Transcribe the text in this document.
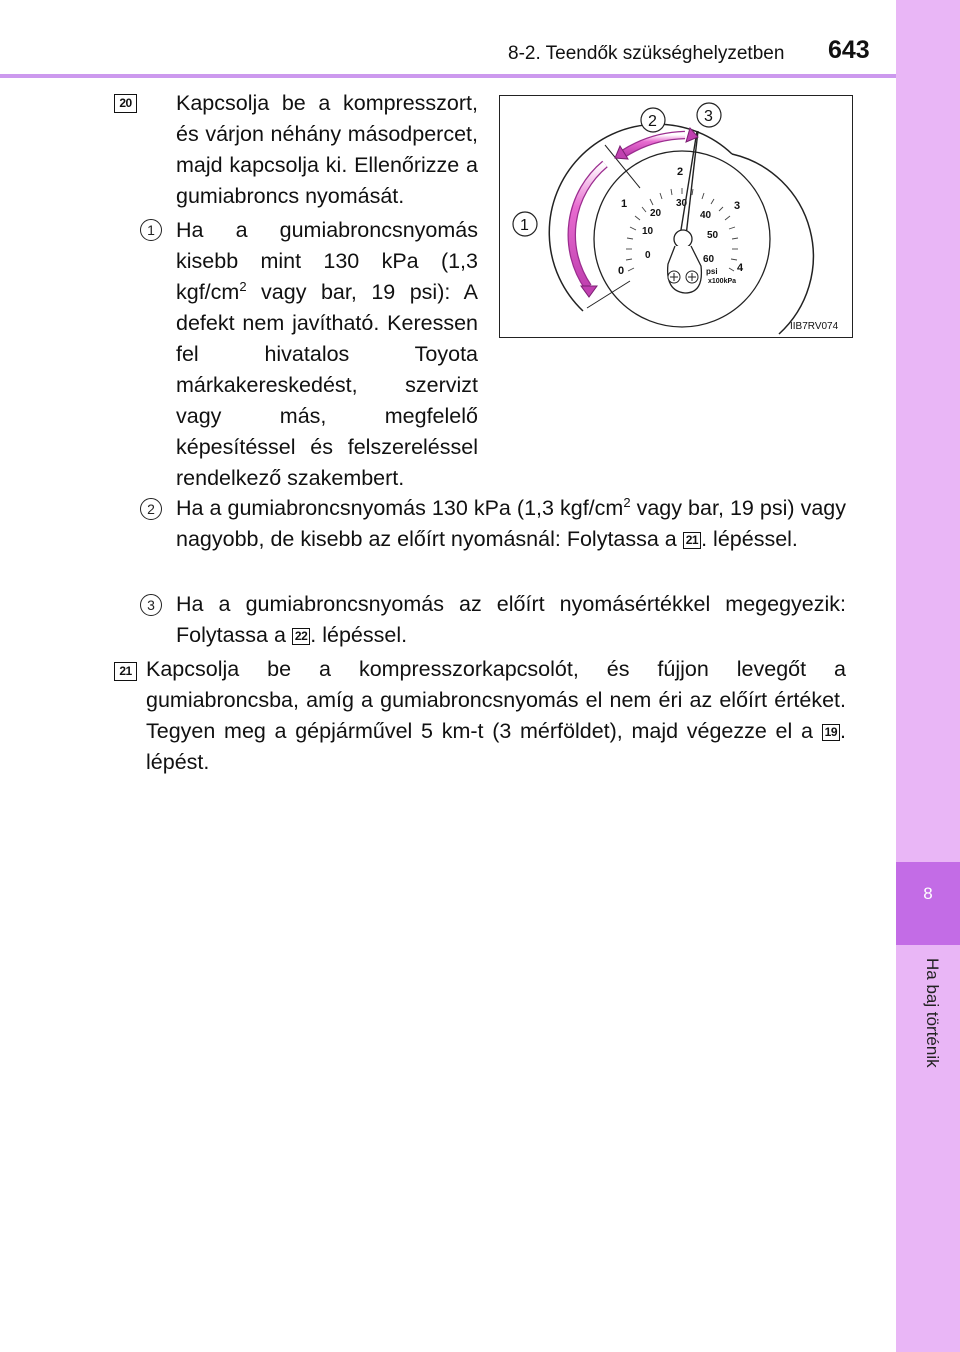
8-2. Teendők szükséghelyzetben 643
8
Ha baj történik
20 Kapcsolja be a kompresszort, és várjon néhány másodpercet, majd kapcsolja ki. Ellenőrizze a gumiabroncs nyomását.
1 Ha a gumiabroncsnyomás kisebb mint 130 kPa (1,3 kgf/$cm^2$ vagy bar, 19 psi): A defekt nem javítható. Keressen fel hivatalos Toyota márkakereskedést, szervizt vagy más, megfelelő képesítéssel és felszereléssel rendelkező szakembert.
0
1
2
3
4
0
10
20
30
40
50
60
psi
x100kPa
1
2	3
IIB7RV074
2 Ha a gumiabroncsnyomás 130 kPa (1,3 kgf/$cm^2$ vagy bar, 19 psi) vagy nagyobb, de kisebb az előírt nyomásnál: Folytassa a 21 . lépéssel.
3 Ha a gumiabroncsnyomás az előírt nyomásértékkel megegyezik: Folytassa a 22 . lépéssel.
21 Kapcsolja be a kompresszorkapcsolót, és fújjon levegőt a gumiabroncsba, amíg a gumiabroncsnyomás el nem éri az előírt értéket. Tegyen meg a gépjárművel 5 km-t (3 mérföldet), majd végezze el a 19 . lépést.
